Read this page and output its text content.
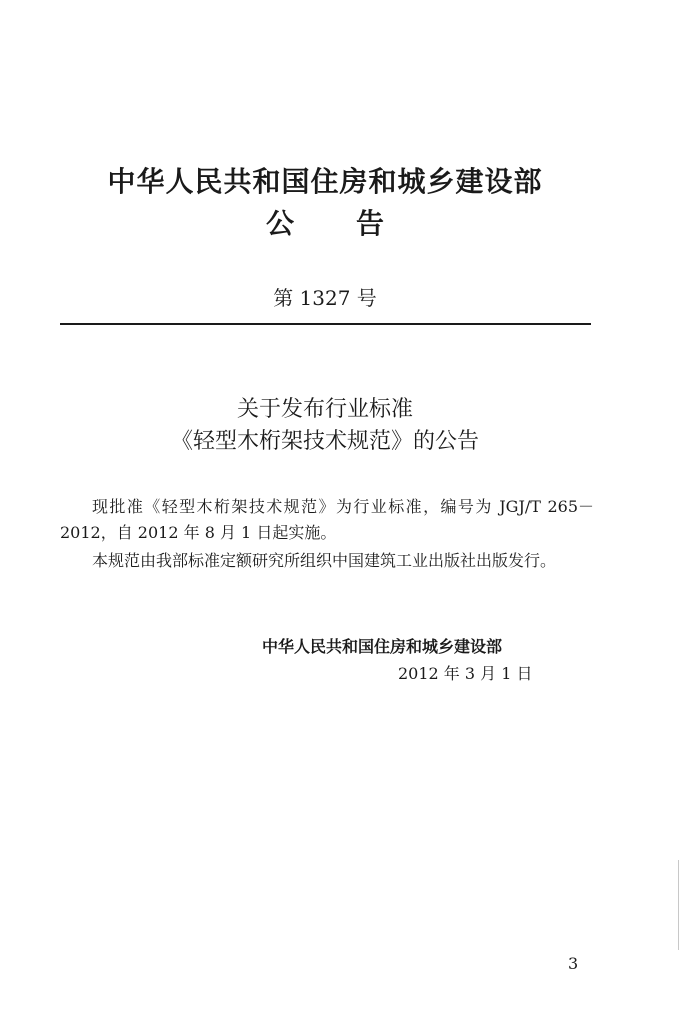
中华人民共和国住房和城乡建设部
公告
第 1327 号
关于发布行业标准
《轻型木桁架技术规范》的公告
现批准《轻型木桁架技术规范》为行业标准，编号为 JGJ/T 265－2012，自 2012 年 8 月 1 日起实施。
本规范由我部标准定额研究所组织中国建筑工业出版社出版发行。
中华人民共和国住房和城乡建设部
2012 年 3 月 1 日
3
